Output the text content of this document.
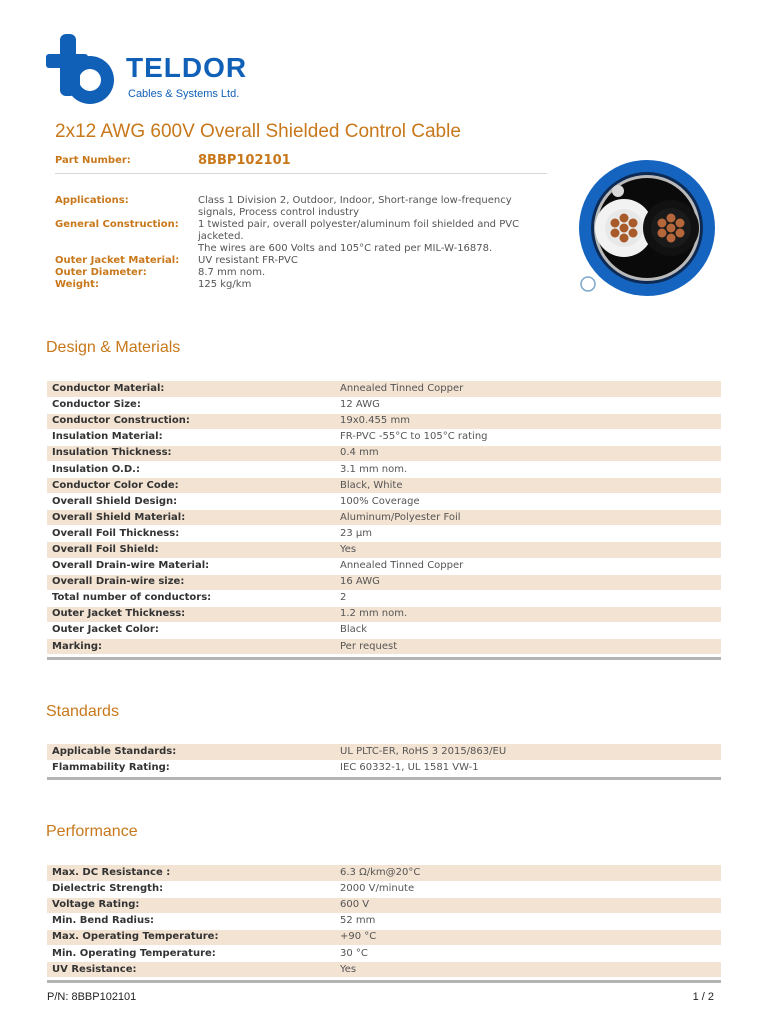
TELDOR
Cables & Systems Ltd.
2x12 AWG 600V Overall Shielded Control Cable
Part Number:	8BBP102101
Applications:	Class 1 Division 2, Outdoor, Indoor, Short-range low-frequency
signals, Process control industry

General Construction:	1 twisted pair, overall polyester/aluminum foil shielded and PVC
jacketed.
The wires are 600 Volts and 105°C rated per MIL-W-16878.

Outer Jacket Material:	UV resistant FR-PVC
Outer Diameter:	8.7 mm nom.
Weight:	125 kg/km
Design & Materials
Conductor Material:	Annealed Tinned Copper
Conductor Size:	12 AWG
Conductor Construction:	19x0.455 mm
Insulation Material:	FR-PVC -55°C to 105°C rating
Insulation Thickness:	0.4 mm
Insulation O.D.:	3.1 mm nom.
Conductor Color Code:	Black, White
Overall Shield Design:	100% Coverage
Overall Shield Material:	Aluminum/Polyester Foil
Overall Foil Thickness:	23 μm
Overall Foil Shield:	Yes
Overall Drain-wire Material:	Annealed Tinned Copper
Overall Drain-wire size:	16 AWG
Total number of conductors:	2
Outer Jacket Thickness:	1.2 mm nom.
Outer Jacket Color:	Black
Marking:	Per request
Standards
Applicable Standards:	UL PLTC-ER, RoHS 3 2015/863/EU
Flammability Rating:	IEC 60332-1, UL 1581 VW-1
Performance
Max. DC Resistance :	6.3 Ω/km@20°C
Dielectric Strength:	2000 V/minute
Voltage Rating:	600 V
Min. Bend Radius:	52 mm
Max. Operating Temperature:	+90 °C
Min. Operating Temperature:	30 °C
UV Resistance:	Yes
P/N: 8BBP102101	1 / 2
